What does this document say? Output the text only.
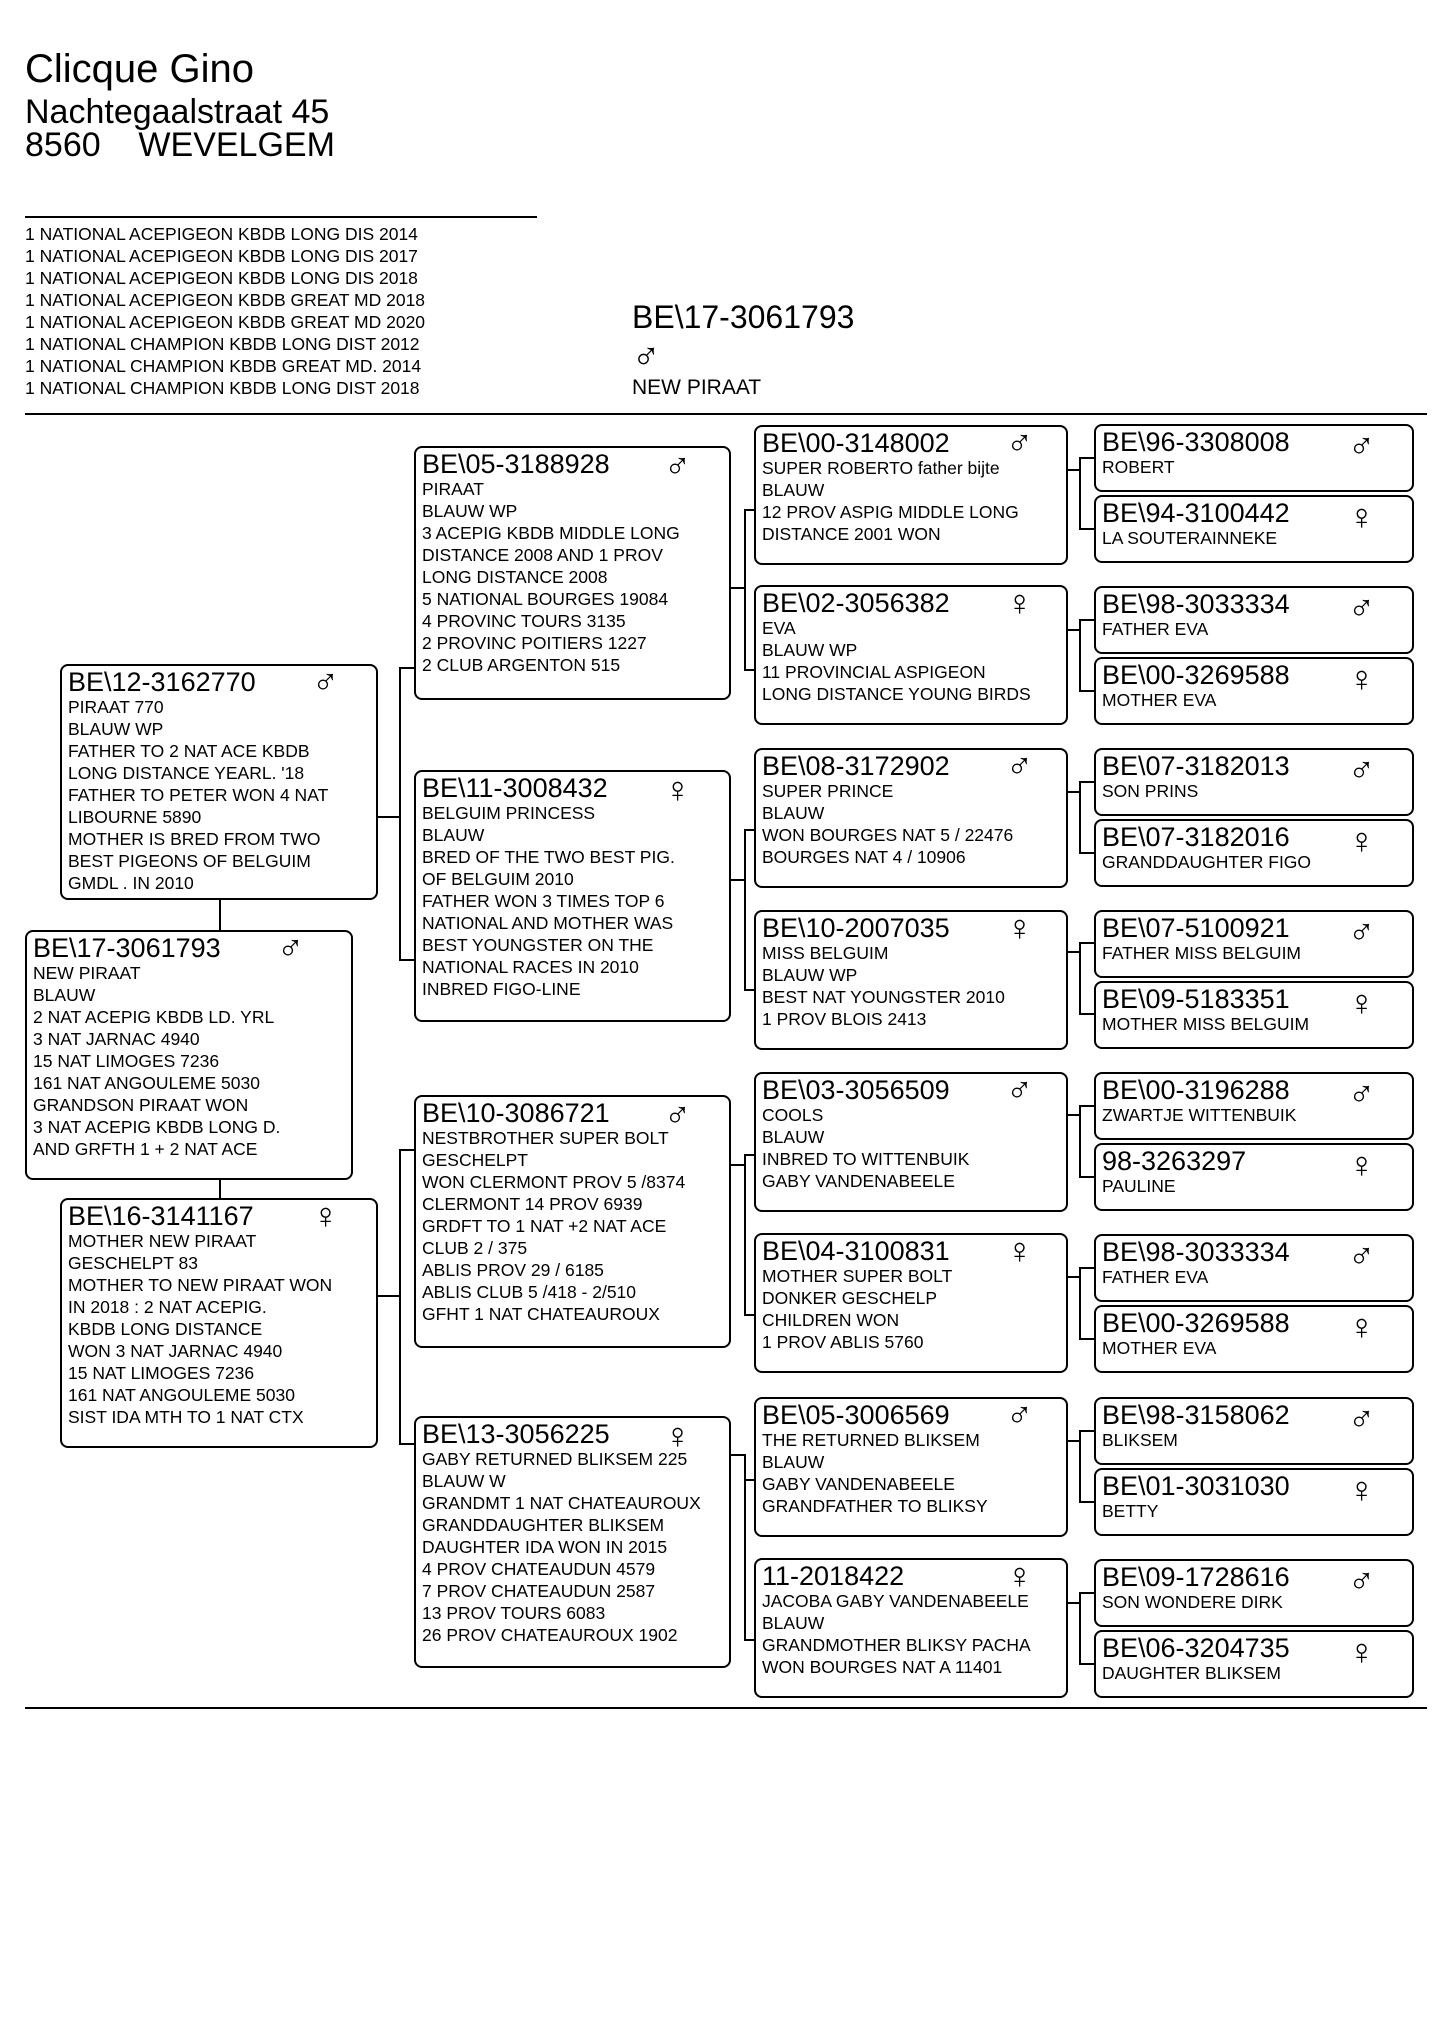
Clicque Gino
Nachtegaalstraat 45
8560    WEVELGEM
1 NATIONAL ACEPIGEON KBDB LONG DIS 2014
1 NATIONAL ACEPIGEON KBDB LONG DIS 2017
1 NATIONAL ACEPIGEON KBDB LONG DIS 2018
1 NATIONAL ACEPIGEON KBDB GREAT MD 2018
1 NATIONAL ACEPIGEON KBDB GREAT MD 2020
1 NATIONAL CHAMPION KBDB LONG DIST 2012
1 NATIONAL CHAMPION KBDB GREAT MD. 2014
1 NATIONAL CHAMPION KBDB LONG DIST 2018
BE\17-3061793
♂
NEW PIRAAT
BE\17-3061793	♂
NEW PIRAAT
BLAUW
2 NAT ACEPIG KBDB LD. YRL
3 NAT JARNAC 4940
15 NAT LIMOGES 7236
161 NAT ANGOULEME 5030
GRANDSON PIRAAT WON
3 NAT ACEPIG KBDB LONG D.
AND GRFTH 1 + 2 NAT ACE
BE\12-3162770	♂
PIRAAT 770
BLAUW WP
FATHER TO 2 NAT ACE KBDB
LONG DISTANCE YEARL. '18
FATHER TO PETER WON 4 NAT
LIBOURNE 5890
MOTHER IS BRED FROM TWO
BEST PIGEONS OF BELGUIM
GMDL . IN 2010
BE\16-3141167	♀
MOTHER NEW PIRAAT
GESCHELPT 83
MOTHER TO NEW PIRAAT WON
IN 2018 : 2 NAT ACEPIG.
KBDB LONG DISTANCE
WON 3 NAT JARNAC 4940
15 NAT LIMOGES 7236
161 NAT ANGOULEME 5030
SIST IDA MTH TO 1 NAT CTX
BE\05-3188928	♂
PIRAAT
BLAUW WP
3 ACEPIG KBDB MIDDLE LONG
DISTANCE 2008 AND 1 PROV
LONG DISTANCE 2008
5 NATIONAL BOURGES 19084
4 PROVINC TOURS 3135
2 PROVINC POITIERS 1227
2 CLUB ARGENTON 515
BE\11-3008432	♀
BELGUIM PRINCESS
BLAUW
BRED OF THE TWO BEST PIG.
OF BELGUIM 2010
FATHER WON 3 TIMES TOP 6
NATIONAL AND MOTHER WAS
BEST YOUNGSTER ON THE
NATIONAL RACES IN 2010
INBRED FIGO-LINE
BE\10-3086721	♂
NESTBROTHER SUPER BOLT
GESCHELPT
WON CLERMONT PROV 5 /8374
CLERMONT 14 PROV 6939
GRDFT TO 1 NAT +2 NAT ACE
CLUB 2 / 375
ABLIS PROV 29 / 6185
ABLIS CLUB 5 /418 - 2/510
GFHT 1 NAT CHATEAUROUX
BE\13-3056225	♀
GABY RETURNED BLIKSEM 225
BLAUW W
GRANDMT 1 NAT CHATEAUROUX
GRANDDAUGHTER BLIKSEM
DAUGHTER IDA WON IN 2015
4 PROV CHATEAUDUN 4579
7 PROV CHATEAUDUN 2587
13 PROV TOURS 6083
26 PROV CHATEAUROUX 1902
BE\00-3148002	♂
SUPER ROBERTO father bijte
BLAUW
12 PROV ASPIG MIDDLE LONG
DISTANCE 2001 WON
BE\02-3056382	♀
EVA
BLAUW WP
11 PROVINCIAL ASPIGEON
LONG DISTANCE YOUNG BIRDS
BE\08-3172902	♂
SUPER PRINCE
BLAUW
WON BOURGES NAT 5 / 22476
BOURGES NAT 4 / 10906
BE\10-2007035	♀
MISS BELGUIM
BLAUW WP
BEST NAT YOUNGSTER 2010
1 PROV BLOIS 2413
BE\03-3056509	♂
COOLS
BLAUW
INBRED TO WITTENBUIK
GABY VANDENABEELE
BE\04-3100831	♀
MOTHER SUPER BOLT
DONKER GESCHELP
CHILDREN WON
1 PROV ABLIS 5760
BE\05-3006569	♂
THE RETURNED BLIKSEM
BLAUW
GABY VANDENABEELE
GRANDFATHER TO BLIKSY
11-2018422	♀
JACOBA GABY VANDENABEELE
BLAUW
GRANDMOTHER BLIKSY PACHA
WON BOURGES NAT A 11401
BE\96-3308008	♂
ROBERT
BE\94-3100442	♀
LA SOUTERAINNEKE
BE\98-3033334	♂
FATHER EVA
BE\00-3269588	♀
MOTHER EVA
BE\07-3182013	♂
SON PRINS
BE\07-3182016	♀
GRANDDAUGHTER FIGO
BE\07-5100921	♂
FATHER MISS BELGUIM
BE\09-5183351	♀
MOTHER MISS BELGUIM
BE\00-3196288	♂
ZWARTJE WITTENBUIK
98-3263297	♀
PAULINE
BE\98-3033334	♂
FATHER EVA
BE\00-3269588	♀
MOTHER EVA
BE\98-3158062	♂
BLIKSEM
BE\01-3031030	♀
BETTY
BE\09-1728616	♂
SON WONDERE DIRK
BE\06-3204735	♀
DAUGHTER BLIKSEM
